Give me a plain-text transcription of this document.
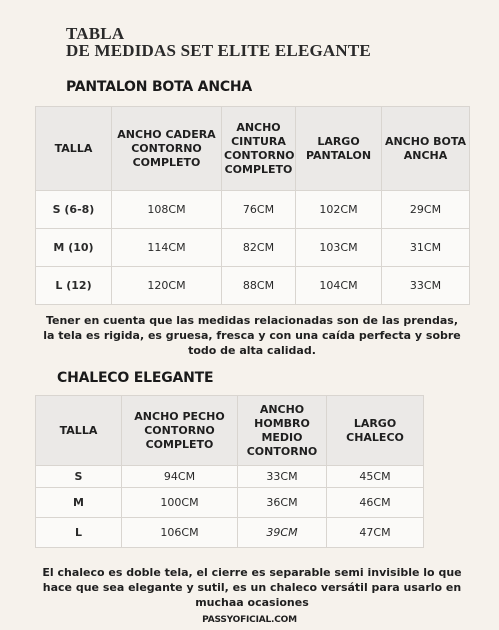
TABLA
DE MEDIDAS SET ELITE ELEGANTE
PANTALON BOTA ANCHA
TALLA	ANCHO CADERA CONTORNO COMPLETO	ANCHO CINTURA CONTORNO COMPLETO	LARGO PANTALON	ANCHO BOTA ANCHA
S (6-8)	108CM	76CM	102CM	29CM
M (10)	114CM	82CM	103CM	31CM
L (12)	120CM	88CM	104CM	33CM

Tener en cuenta que las medidas relacionadas son de las prendas, la tela es rigida, es gruesa, fresca y con una caída perfecta y sobre todo de alta calidad.

CHALECO ELEGANTE
TALLA	ANCHO PECHO CONTORNO COMPLETO	ANCHO HOMBRO MEDIO CONTORNO	LARGO CHALECO
S	94CM	33CM	45CM
M	100CM	36CM	46CM
L	106CM	39CM	47CM

El chaleco es doble tela, el cierre es separable semi invisible lo que hace que sea elegante y sutil, es un chaleco versátil para usarlo en muchaa ocasiones

PASSYOFICIAL.COM
